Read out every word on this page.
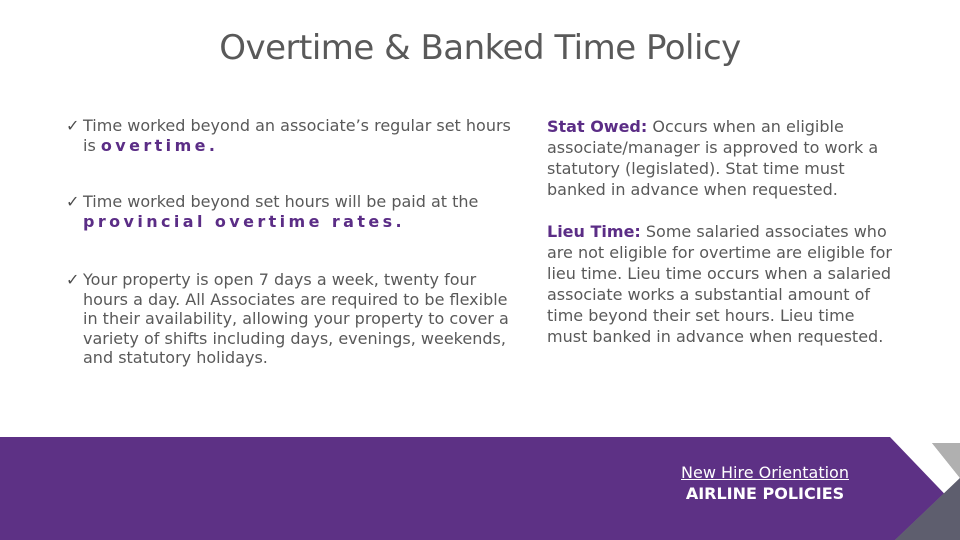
Overtime & Banked Time Policy
✓ Time worked beyond an associate’s regular set hours is overtime.
✓ Time worked beyond set hours will be paid at the provincial overtime rates.
✓ Your property is open 7 days a week, twenty four hours a day. All Associates are required to be flexible in their availability, allowing your property to cover a variety of shifts including days, evenings, weekends, and statutory holidays.

Stat Owed: Occurs when an eligible associate/manager is approved to work a statutory (legislated). Stat time must banked in advance when requested.

Lieu Time: Some salaried associates who are not eligible for overtime are eligible for lieu time. Lieu time occurs when a salaried associate works a substantial amount of time beyond their set hours. Lieu time must banked in advance when requested.

New Hire Orientation
AIRLINE POLICIES
